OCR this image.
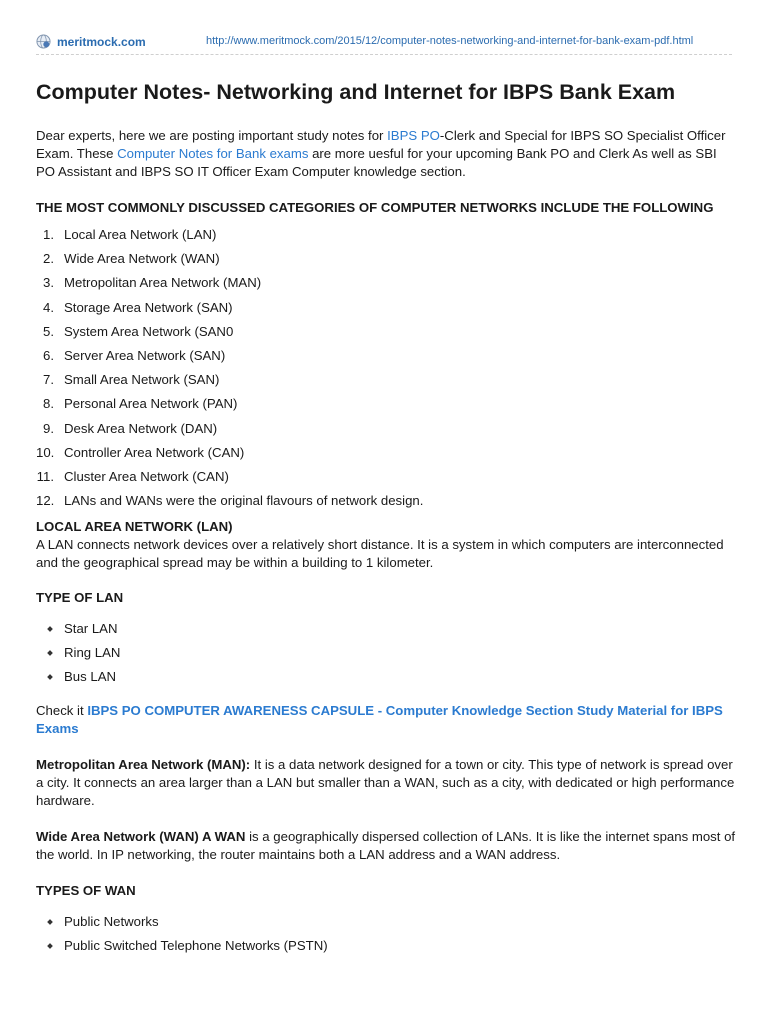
meritmock.com	http://www.meritmock.com/2015/12/computer-notes-networking-and-internet-for-bank-exam-pdf.html
Computer Notes- Networking and Internet for IBPS Bank Exam

Dear experts, here we are posting important study notes for IBPS PO-Clerk and Special for IBPS SO Specialist Officer Exam. These Computer Notes for Bank exams are more uesful for your upcoming Bank PO and Clerk As well as SBI PO Assistant and IBPS SO IT Officer Exam Computer knowledge section.

THE MOST COMMONLY DISCUSSED CATEGORIES OF COMPUTER NETWORKS INCLUDE THE FOLLOWING

1. Local Area Network (LAN)
2. Wide Area Network (WAN)
3. Metropolitan Area Network (MAN)
4. Storage Area Network (SAN)
5. System Area Network (SAN0
6. Server Area Network (SAN)
7. Small Area Network (SAN)
8. Personal Area Network (PAN)
9. Desk Area Network (DAN)
10. Controller Area Network (CAN)
11. Cluster Area Network (CAN)
12. LANs and WANs were the original flavours of network design.

LOCAL AREA NETWORK (LAN)

A LAN connects network devices over a relatively short distance. It is a system in which computers are interconnected and the geographical spread may be within a building to 1 kilometer.

TYPE OF LAN

Star LAN
Ring LAN
Bus LAN

Check it IBPS PO COMPUTER AWARENESS CAPSULE - Computer Knowledge Section Study Material for IBPS Exams

Metropolitan Area Network (MAN): It is a data network designed for a town or city. This type of network is spread over a city. It connects an area larger than a LAN but smaller than a WAN, such as a city, with dedicated or high performance hardware.

Wide Area Network (WAN) A WAN is a geographically dispersed collection of LANs. It is like the internet spans most of the world. In IP networking, the router maintains both a LAN address and a WAN address.

TYPES OF WAN

Public Networks
Public Switched Telephone Networks (PSTN)
